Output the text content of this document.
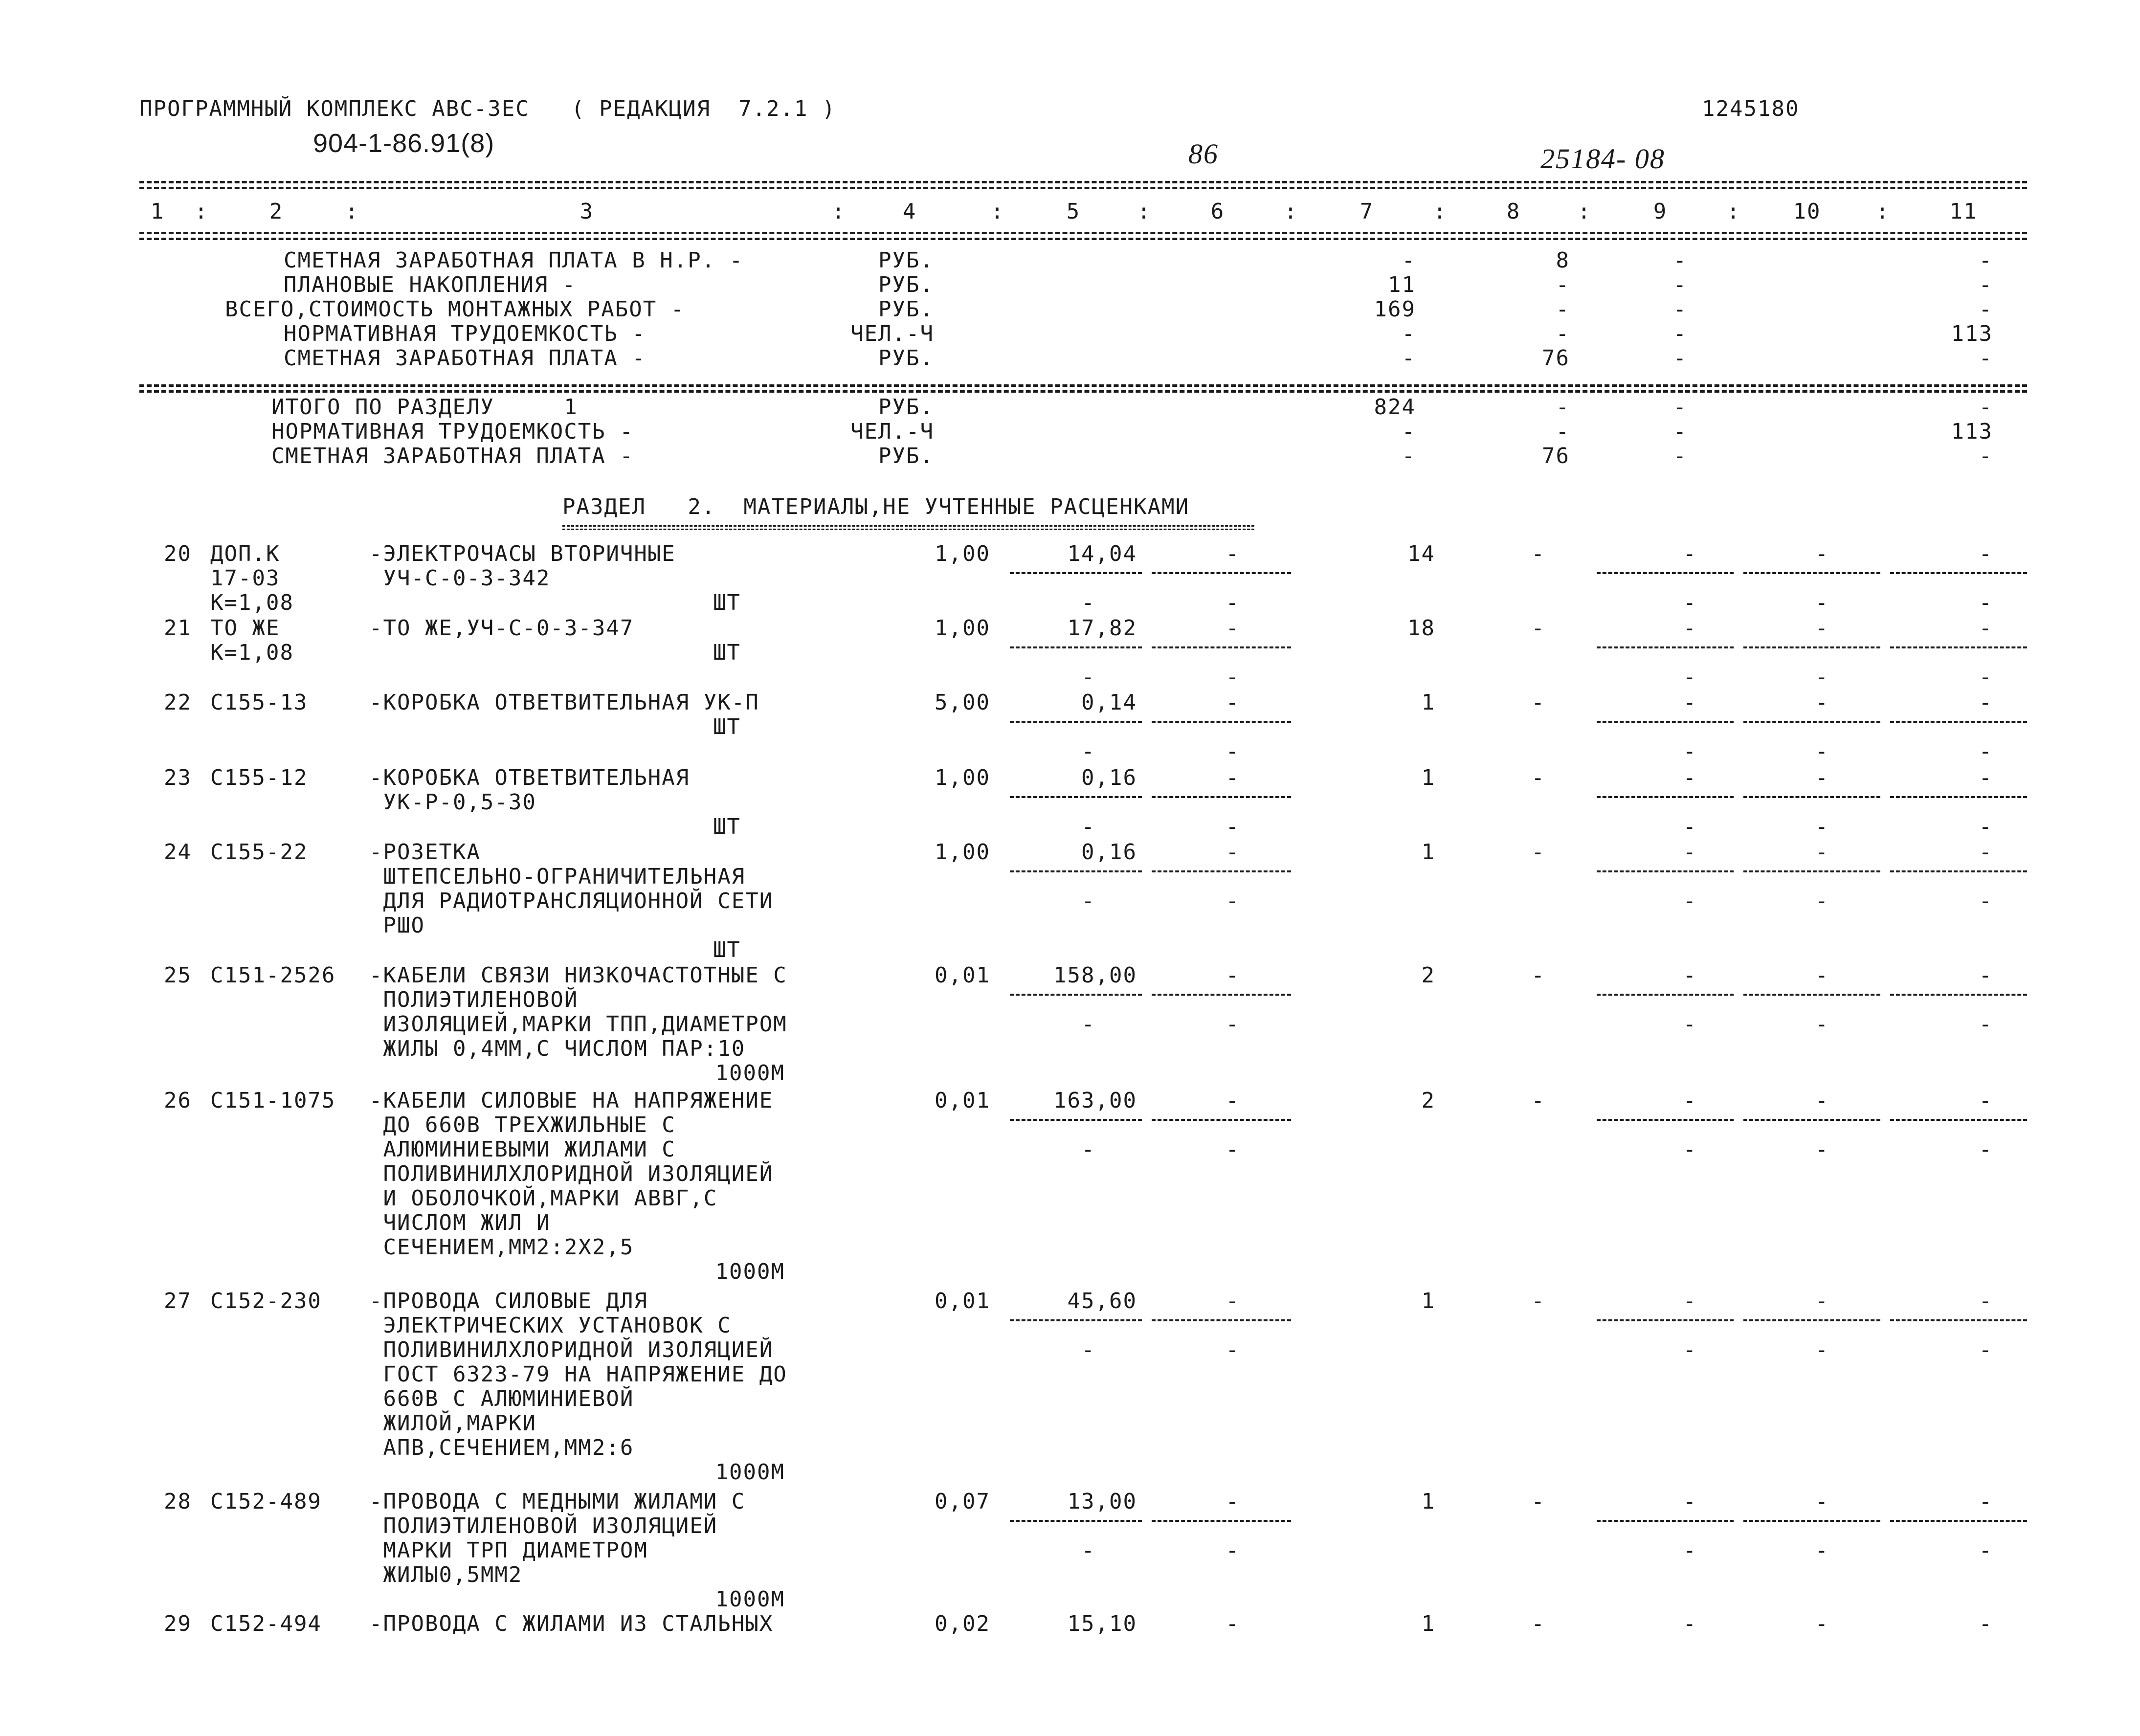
ПРОГРАММНЫЙ КОМПЛЕКС АВС-3ЕС   ( РЕДАКЦИЯ  7.2.1 )
904-1-86.91(8)	86	25184- 08
1245180
1 :	2	:	3	:	4	:	5	:	6	:	7	:	8	:	9	: 10	:	11
СМЕТНАЯ ЗАРАБОТНАЯ ПЛАТА В Н.Р. -	РУБ.	-	8	-	-
ПЛАНОВЫЕ НАКОПЛЕНИЯ -	РУБ.	11	-	-	-
ВСЕГО,СТОИМОСТЬ МОНТАЖНЫХ РАБОТ -	РУБ.	169	-	-	-
НОРМАТИВНАЯ ТРУДОЕМКОСТЬ -	ЧЕЛ.-Ч	-	-	-	113
СМЕТНАЯ ЗАРАБОТНАЯ ПЛАТА -	РУБ.	-	76	-	-
ИТОГО ПО РАЗДЕЛУ     1	РУБ.	824	-	-	-
НОРМАТИВНАЯ ТРУДОЕМКОСТЬ -	ЧЕЛ.-Ч	-	-	-	113
СМЕТНАЯ ЗАРАБОТНАЯ ПЛАТА -	РУБ.	-	76	-	-
РАЗДЕЛ   2.  МАТЕРИАЛЫ,НЕ УЧТЕННЫЕ РАСЦЕНКАМИ
20 ДОП.К
17-03
К=1,08
-ЭЛЕКТРОЧАСЫ ВТОРИЧНЫЕ
УЧ-С-0-3-342
ШТ
1,00	14,04	-	14	-	-	-	-
-	-	-	-	-
21 ТО ЖЕ
К=1,08
-ТО ЖЕ,УЧ-С-0-3-347
ШТ
1,00	17,82	-	18	-	-	-	-
-	-	-	-	-
22 С155-13	-КОРОБКА ОТВЕТВИТЕЛЬНАЯ УК-П
ШТ
5,00	0,14	-	1	-	-	-	-
-	-	-	-	-
23 С155-12	-КОРОБКА ОТВЕТВИТЕЛЬНАЯ
УК-Р-0,5-30
ШТ
1,00	0,16	-	1	-	-	-	-
-	-	-	-	-
24 С155-22	-РОЗЕТКА
ШТЕПСЕЛЬНО-ОГРАНИЧИТЕЛЬНАЯ
ДЛЯ РАДИОТРАНСЛЯЦИОННОЙ СЕТИ
РШО
ШТ
1,00	0,16	-	1	-	-	-	-
-	-	-	-	-
25 С151-2526 -КАБЕЛИ СВЯЗИ НИЗКОЧАСТОТНЫЕ С
ПОЛИЭТИЛЕНОВОЙ
ИЗОЛЯЦИЕЙ,МАРКИ ТПП,ДИАМЕТРОМ
ЖИЛЫ 0,4ММ,С ЧИСЛОМ ПАР:10
1000М
0,01	158,00	-	2	-	-	-	-
-	-	-	-	-
26 С151-1075 -КАБЕЛИ СИЛОВЫЕ НА НАПРЯЖЕНИЕ
ДО 660В ТРЕХЖИЛЬНЫЕ С
АЛЮМИНИЕВЫМИ ЖИЛАМИ С
ПОЛИВИНИЛХЛОРИДНОЙ ИЗОЛЯЦИЕЙ
И ОБОЛОЧКОЙ,МАРКИ АВВГ,С
ЧИСЛОМ ЖИЛ И
СЕЧЕНИЕМ,ММ2:2Х2,5
1000М
0,01	163,00	-	2	-	-	-	-
-	-	-	-	-
27 С152-230 -ПРОВОДА СИЛОВЫЕ ДЛЯ
ЭЛЕКТРИЧЕСКИХ УСТАНОВОК С
ПОЛИВИНИЛХЛОРИДНОЙ ИЗОЛЯЦИЕЙ
ГОСТ 6323-79 НА НАПРЯЖЕНИЕ ДО
660В С АЛЮМИНИЕВОЙ
ЖИЛОЙ,МАРКИ
АПВ,СЕЧЕНИЕМ,ММ2:6
1000М
0,01	45,60	-	1	-	-	-	-
-	-	-	-	-
28 С152-489 -ПРОВОДА С МЕДНЫМИ ЖИЛАМИ С
ПОЛИЭТИЛЕНОВОЙ ИЗОЛЯЦИЕЙ
МАРКИ ТРП ДИАМЕТРОМ
ЖИЛЫ0,5ММ2
1000М
0,07	13,00	-	1	-	-	-	-
-	-	-	-	-
29 С152-494 -ПРОВОДА С ЖИЛАМИ ИЗ СТАЛЬНЫХ	0,02	15,10	-	1	-	-	-	-
